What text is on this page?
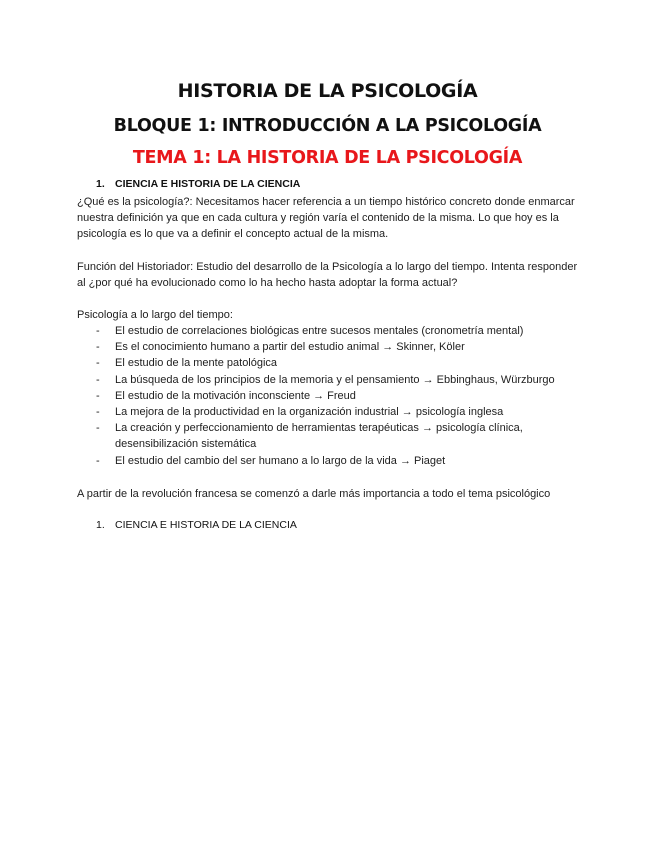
HISTORIA DE LA PSICOLOGÍA
BLOQUE 1: INTRODUCCIÓN A LA PSICOLOGÍA
TEMA 1: LA HISTORIA DE LA PSICOLOGÍA

1. CIENCIA E HISTORIA DE LA CIENCIA

¿Qué es la psicología?: Necesitamos hacer referencia a un tiempo histórico concreto donde enmarcar nuestra definición ya que en cada cultura y región varía el contenido de la misma. Lo que hoy es la psicología es lo que va a definir el concepto actual de la misma.

Función del Historiador: Estudio del desarrollo de la Psicología a lo largo del tiempo. Intenta responder al ¿por qué ha evolucionado como lo ha hecho hasta adoptar la forma actual?

Psicología a lo largo del tiempo:

- El estudio de correlaciones biológicas entre sucesos mentales (cronometría mental)
- Es el conocimiento humano a partir del estudio animal → Skinner, Köler
- El estudio de la mente patológica
- La búsqueda de los principios de la memoria y el pensamiento → Ebbinghaus, Würzburgo
- El estudio de la motivación inconsciente → Freud
- La mejora de la productividad en la organización industrial → psicología inglesa
- La creación y perfeccionamiento de herramientas terapéuticas → psicología clínica, desensibilización sistemática
- El estudio del cambio del ser humano a lo largo de la vida → Piaget

A partir de la revolución francesa se comenzó a darle más importancia a todo el tema psicológico

1. CIENCIA E HISTORIA DE LA CIENCIA
